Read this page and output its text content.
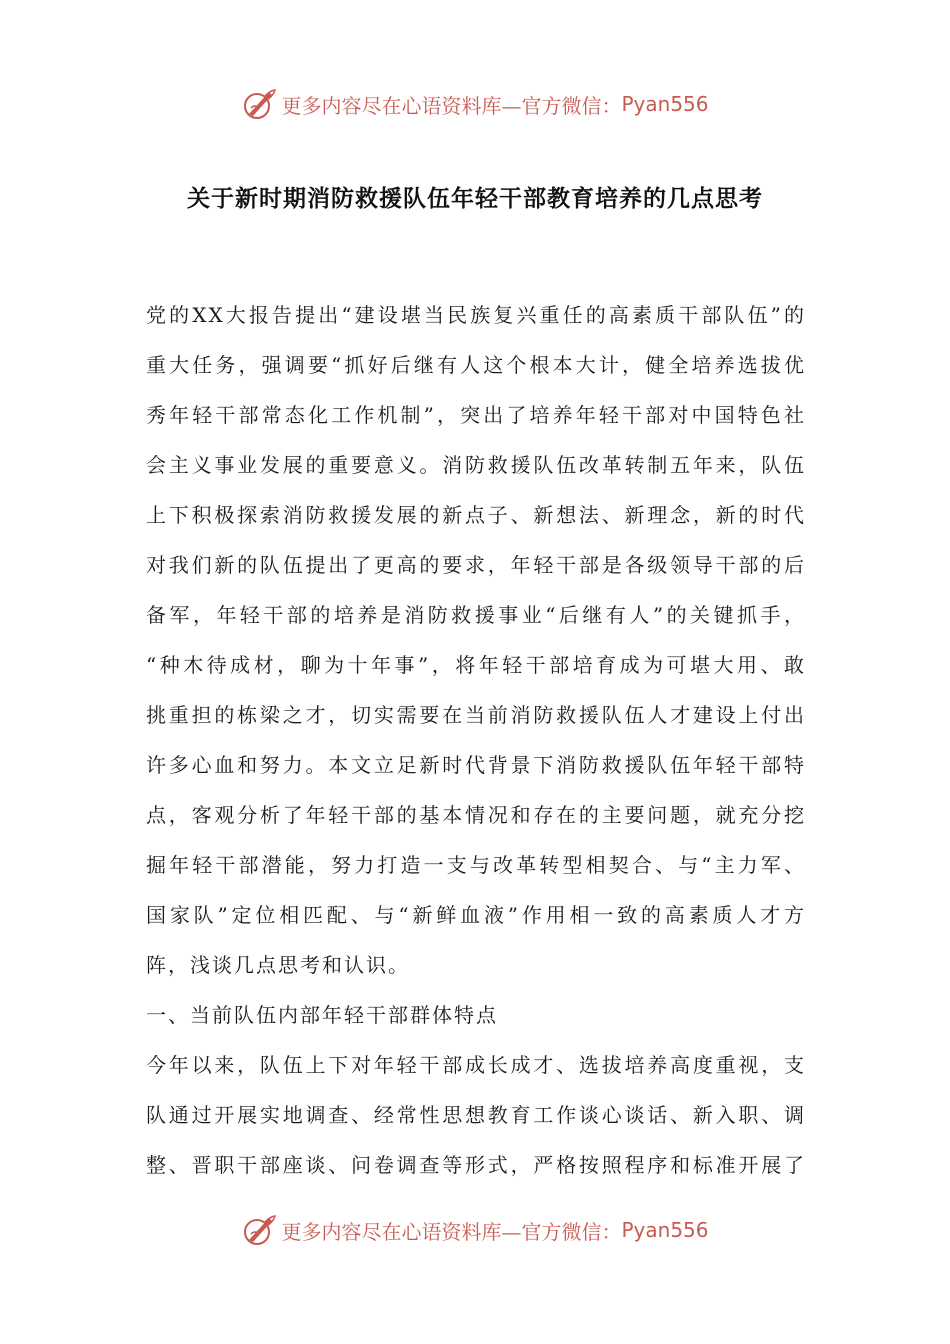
更多内容尽在心语资料库—官方微信： Pyan556
关于新时期消防救援队伍年轻干部教育培养的几点思考
党的XX大报告提出“建设堪当民族复兴重任的高素质干部队伍”的
重大任务，强调要“抓好后继有人这个根本大计，健全培养选拔优
秀年轻干部常态化工作机制”，突出了培养年轻干部对中国特色社
会主义事业发展的重要意义。消防救援队伍改革转制五年来，队伍
上下积极探索消防救援发展的新点子、新想法、新理念，新的时代
对我们新的队伍提出了更高的要求，年轻干部是各级领导干部的后
备军，年轻干部的培养是消防救援事业“后继有人”的关键抓手，
“种木待成材，聊为十年事”，将年轻干部培育成为可堪大用、敢
挑重担的栋梁之才，切实需要在当前消防救援队伍人才建设上付出
许多心血和努力。本文立足新时代背景下消防救援队伍年轻干部特
点，客观分析了年轻干部的基本情况和存在的主要问题，就充分挖
掘年轻干部潜能，努力打造一支与改革转型相契合、与“主力军、
国家队”定位相匹配、与“新鲜血液”作用相一致的高素质人才方
阵，浅谈几点思考和认识。
一、当前队伍内部年轻干部群体特点
今年以来，队伍上下对年轻干部成长成才、选拔培养高度重视，支
队通过开展实地调查、经常性思想教育工作谈心谈话、新入职、调
整、晋职干部座谈、问卷调查等形式，严格按照程序和标准开展了
更多内容尽在心语资料库—官方微信： Pyan556
